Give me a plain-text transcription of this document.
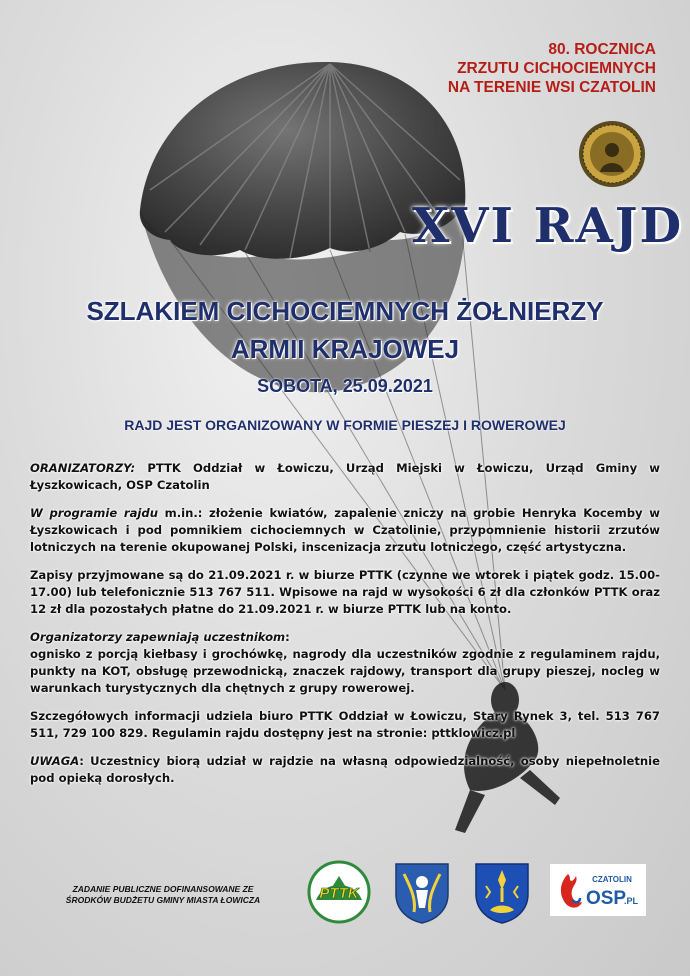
80. ROCZNICA
ZRZUTU CICHOCIEMNYCH
NA TERENIE WSI CZATOLIN
XVI RAJD
SZLAKIEM CICHOCIEMNYCH ŻOŁNIERZY
ARMII KRAJOWEJ
SOBOTA, 25.09.2021
RAJD JEST ORGANIZOWANY W FORMIE PIESZEJ I ROWEROWEJ

ORANIZATORZY: PTTK Oddział w Łowiczu, Urząd Miejski w Łowiczu, Urząd Gminy w Łyszkowicach, OSP Czatolin

W programie rajdu m.in.: złożenie kwiatów, zapalenie zniczy na grobie Henryka Kocemby w Łyszkowicach i pod pomnikiem cichociemnych w Czatolinie, przypomnienie historii zrzutów lotniczych na terenie okupowanej Polski, inscenizacja zrzutu lotniczego, część artystyczna.

Zapisy przyjmowane są do 21.09.2021 r. w biurze PTTK (czynne we wtorek i piątek godz. 15.00-17.00) lub telefonicznie 513 767 511. Wpisowe na rajd w wysokości 6 zł dla członków PTTK oraz 12 zł dla pozostałych płatne do 21.09.2021 r. w biurze PTTK lub na konto.

Organizatorzy zapewniają uczestnikom:
ognisko z porcją kiełbasy i grochówkę, nagrody dla uczestników zgodnie z regulaminem rajdu, punkty na KOT, obsługę przewodnicką, znaczek rajdowy, transport dla grupy pieszej, nocleg w warunkach turystycznych dla chętnych z grupy rowerowej.

Szczegółowych informacji udziela biuro PTTK Oddział w Łowiczu, Stary Rynek 3, tel. 513 767 511, 729 100 829. Regulamin rajdu dostępny jest na stronie: pttklowicz.pl

UWAGA: Uczestnicy biorą udział w rajdzie na własną odpowiedzialność, osoby niepełnoletnie pod opieką dorosłych.

ZADANIE PUBLICZNE DOFINANSOWANE ZE
ŚRODKÓW BUDŻETU GMINY MIASTA ŁOWICZA	PTTK
CZATOLIN
OSP
.PL
